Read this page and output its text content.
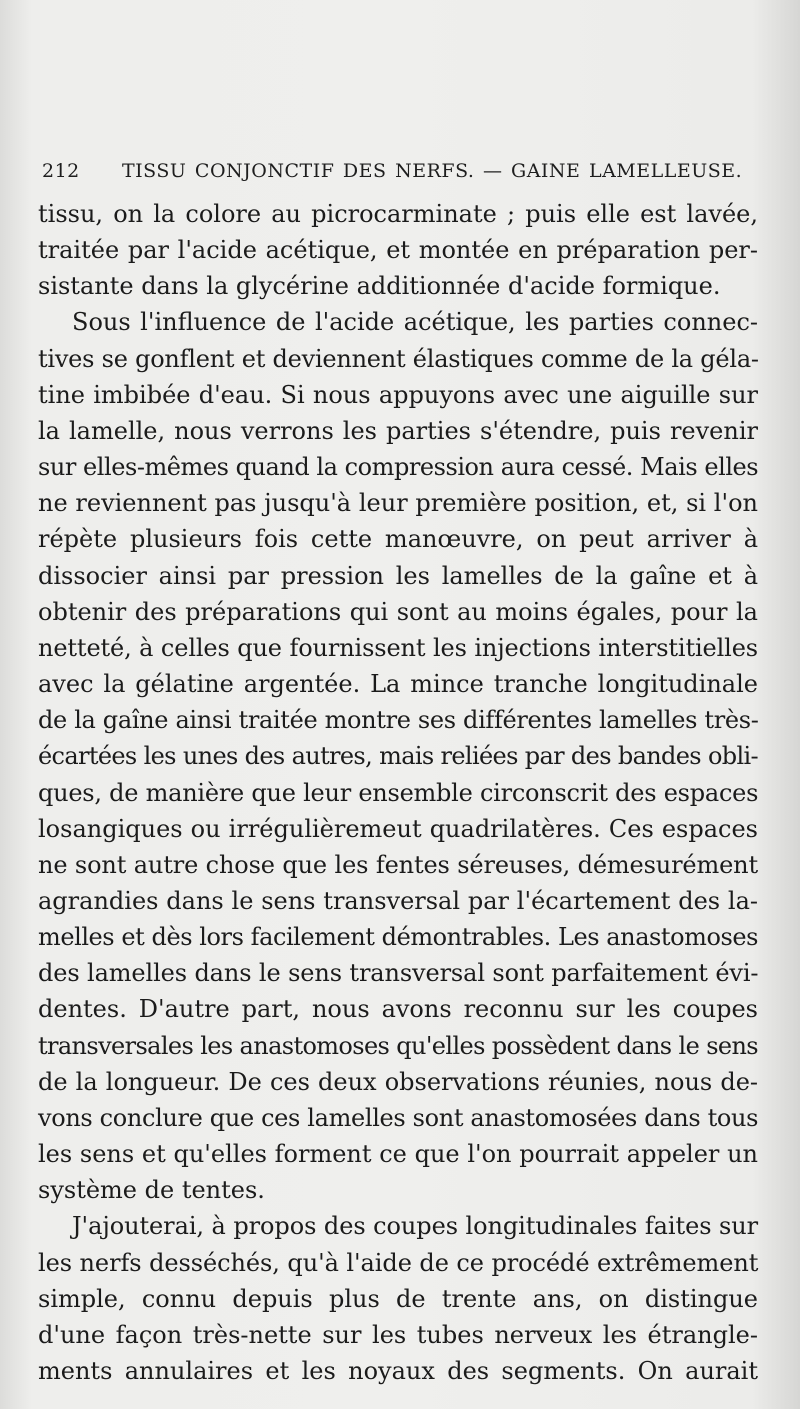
212 TISSU CONJONCTIF DES NERFS. — GAINE LAMELLEUSE.

tissu, on la colore au picrocarminate ; puis elle est lavée,
traitée par l'acide acétique, et montée en préparation per-
sistante dans la glycérine additionnée d'acide formique.

Sous l'influence de l'acide acétique, les parties connec-
tives se gonflent et deviennent élastiques comme de la géla-
tine imbibée d'eau. Si nous appuyons avec une aiguille sur
la lamelle, nous verrons les parties s'étendre, puis revenir
sur elles-mêmes quand la compression aura cessé. Mais elles
ne reviennent pas jusqu'à leur première position, et, si l'on
répète plusieurs fois cette manœuvre, on peut arriver à
dissocier ainsi par pression les lamelles de la gaîne et à
obtenir des préparations qui sont au moins égales, pour la
netteté, à celles que fournissent les injections interstitielles
avec la gélatine argentée. La mince tranche longitudinale
de la gaîne ainsi traitée montre ses différentes lamelles très-
écartées les unes des autres, mais reliées par des bandes obli-
ques, de manière que leur ensemble circonscrit des espaces
losangiques ou irrégulièremeut quadrilatères. Ces espaces
ne sont autre chose que les fentes séreuses, démesurément
agrandies dans le sens transversal par l'écartement des la-
melles et dès lors facilement démontrables. Les anastomoses
des lamelles dans le sens transversal sont parfaitement évi-
dentes. D'autre part, nous avons reconnu sur les coupes
transversales les anastomoses qu'elles possèdent dans le sens
de la longueur. De ces deux observations réunies, nous de-
vons conclure que ces lamelles sont anastomosées dans tous
les sens et qu'elles forment ce que l'on pourrait appeler un
système de tentes.

J'ajouterai, à propos des coupes longitudinales faites sur
les nerfs desséchés, qu'à l'aide de ce procédé extrêmement
simple, connu depuis plus de trente ans, on distingue
d'une façon très-nette sur les tubes nerveux les étrangle-
ments annulaires et les noyaux des segments. On aurait
